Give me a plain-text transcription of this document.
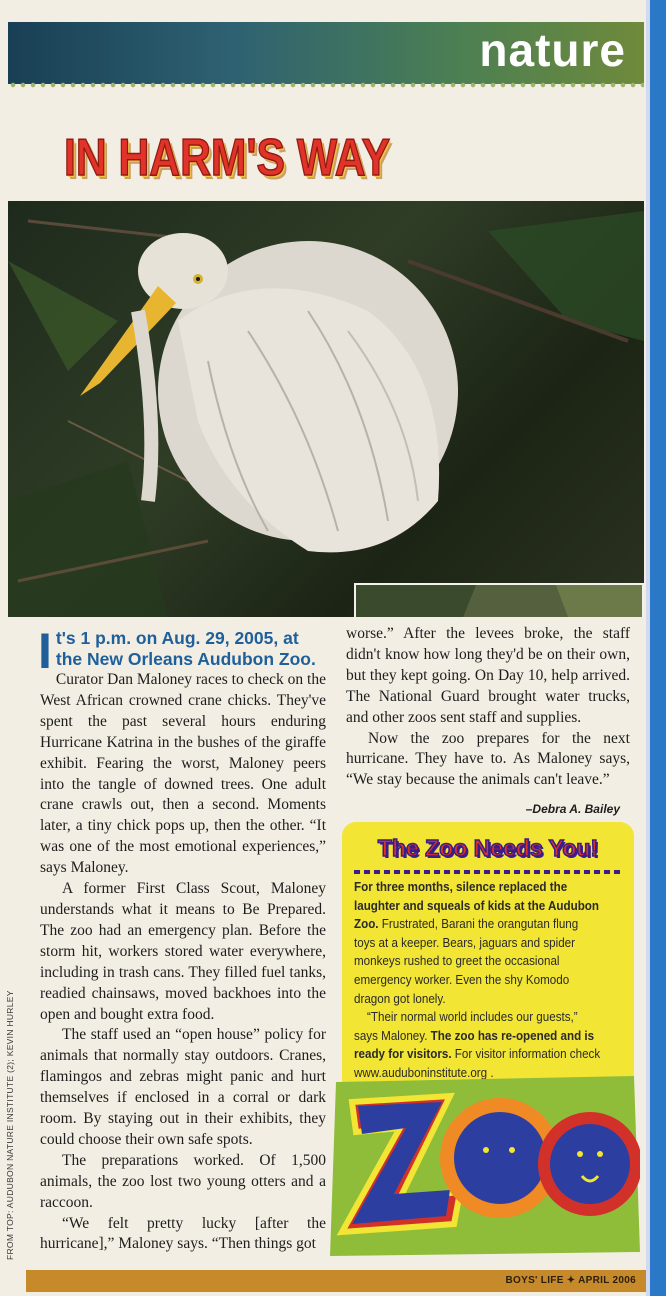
nature
IN HARM'S WAY

I t's 1 p.m. on Aug. 29, 2005, at the New Orleans Audubon Zoo.
Curator Dan Maloney races to check on the West African crowned crane chicks. They've spent the past several hours enduring Hurricane Katrina in the bushes of the giraffe exhibit. Fearing the worst, Maloney peers into the tangle of downed trees. One adult crane crawls out, then a second. Moments later, a tiny chick pops up, then the other. “It was one of the most emotional experiences,” says Maloney.

A former First Class Scout, Maloney understands what it means to Be Prepared. The zoo had an emergency plan. Before the storm hit, workers stored water everywhere, including in trash cans. They filled fuel tanks, readied chainsaws, moved backhoes into the open and bought extra food.

The staff used an “open house” policy for animals that normally stay outdoors. Cranes, flamingos and zebras might panic and hurt themselves if enclosed in a corral or dark room. By staying out in their exhibits, they could choose their own safe spots.

The preparations worked. Of 1,500 animals, the zoo lost two young otters and a raccoon.

“We felt pretty lucky [after the hurricane],” Maloney says. “Then things got

worse.” After the levees broke, the staff didn't know how long they'd be on their own, but they kept going. On Day 10, help arrived. The National Guard brought water trucks, and other zoos sent staff and supplies.

Now the zoo prepares for the next hurricane. They have to. As Maloney says, “We stay because the animals can't leave.”

–Debra A. Bailey

The Zoo Needs You!

For three months, silence replaced the laughter and squeals of kids at the Audubon Zoo. Frustrated, Barani the orangutan flung toys at a keeper. Bears, jaguars and spider monkeys rushed to greet the occasional emergency worker. Even the shy Komodo dragon got lonely.

“Their normal world includes our guests,” says Maloney. The zoo has re-opened and is ready for visitors. For visitor information check www.auduboninstitute.org .

ZOO
BOYS' LIFE ✦ APRIL 2006
FROM TOP: AUDUBON NATURE INSTITUTE (2); KEVIN HURLEY
